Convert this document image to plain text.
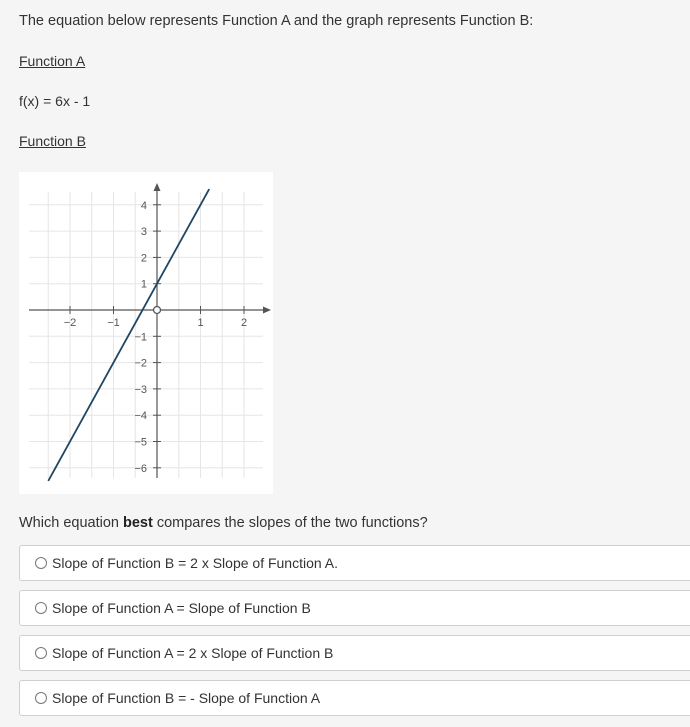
The equation below represents Function A and the graph represents Function B:
Function A
f(x) = 6x - 1
Function B
−2	−1	1	2
4
3
2
1
−1
−2
−3
−4
−5
−6
Which equation best compares the slopes of the two functions?
Slope of Function B = 2 x Slope of Function A.
Slope of Function A = Slope of Function B
Slope of Function A = 2 x Slope of Function B
Slope of Function B = - Slope of Function A
